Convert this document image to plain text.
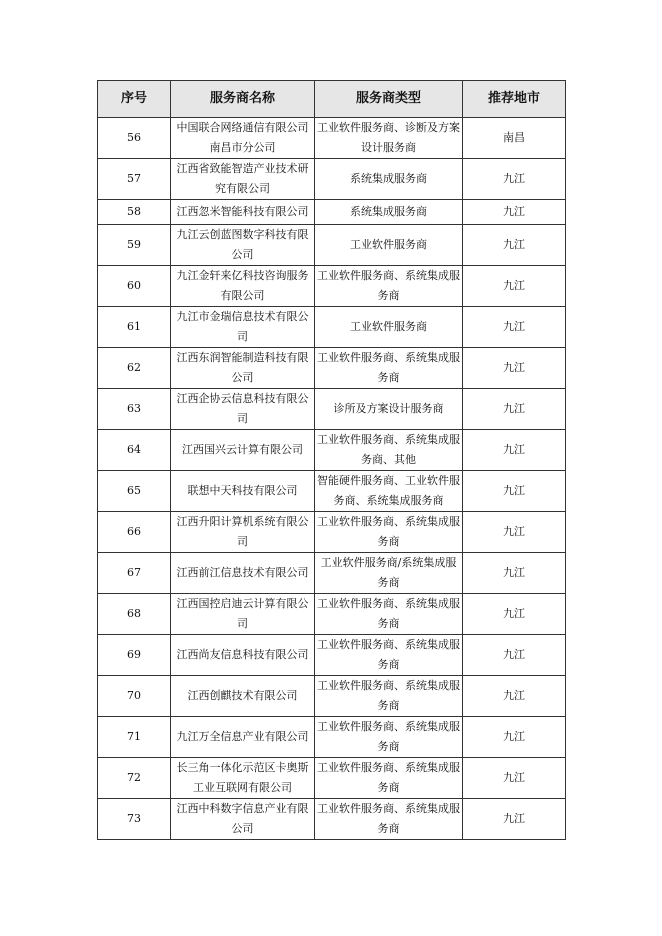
序号	服务商名称	服务商类型	推荐地市
56	中国联合网络通信有限公司南昌市分公司	工业软件服务商、诊断及方案设计服务商	南昌
57	江西省致能智造产业技术研究有限公司	系统集成服务商	九江
58	江西忽米智能科技有限公司	系统集成服务商	九江
59	九江云创蓝图数字科技有限公司	工业软件服务商	九江
60	九江金轩来亿科技咨询服务有限公司	工业软件服务商、系统集成服务商	九江
61	九江市金瑞信息技术有限公司	工业软件服务商	九江
62	江西东润智能制造科技有限公司	工业软件服务商、系统集成服务商	九江
63	江西企协云信息科技有限公司	诊所及方案设计服务商	九江
64	江西国兴云计算有限公司	工业软件服务商、系统集成服务商、其他	九江
65	联想中天科技有限公司	智能硬件服务商、工业软件服务商、系统集成服务商	九江
66	江西升阳计算机系统有限公司	工业软件服务商、系统集成服务商	九江
67	江西前江信息技术有限公司	工业软件服务商/系统集成服务商	九江
68	江西国控启迪云计算有限公司	工业软件服务商、系统集成服务商	九江
69	江西尚友信息科技有限公司	工业软件服务商、系统集成服务商	九江
70	江西创麒技术有限公司	工业软件服务商、系统集成服务商	九江
71	九江万全信息产业有限公司	工业软件服务商、系统集成服务商	九江
72	长三角一体化示范区卡奥斯工业互联网有限公司	工业软件服务商、系统集成服务商	九江
73	江西中科数字信息产业有限公司	工业软件服务商、系统集成服务商	九江
